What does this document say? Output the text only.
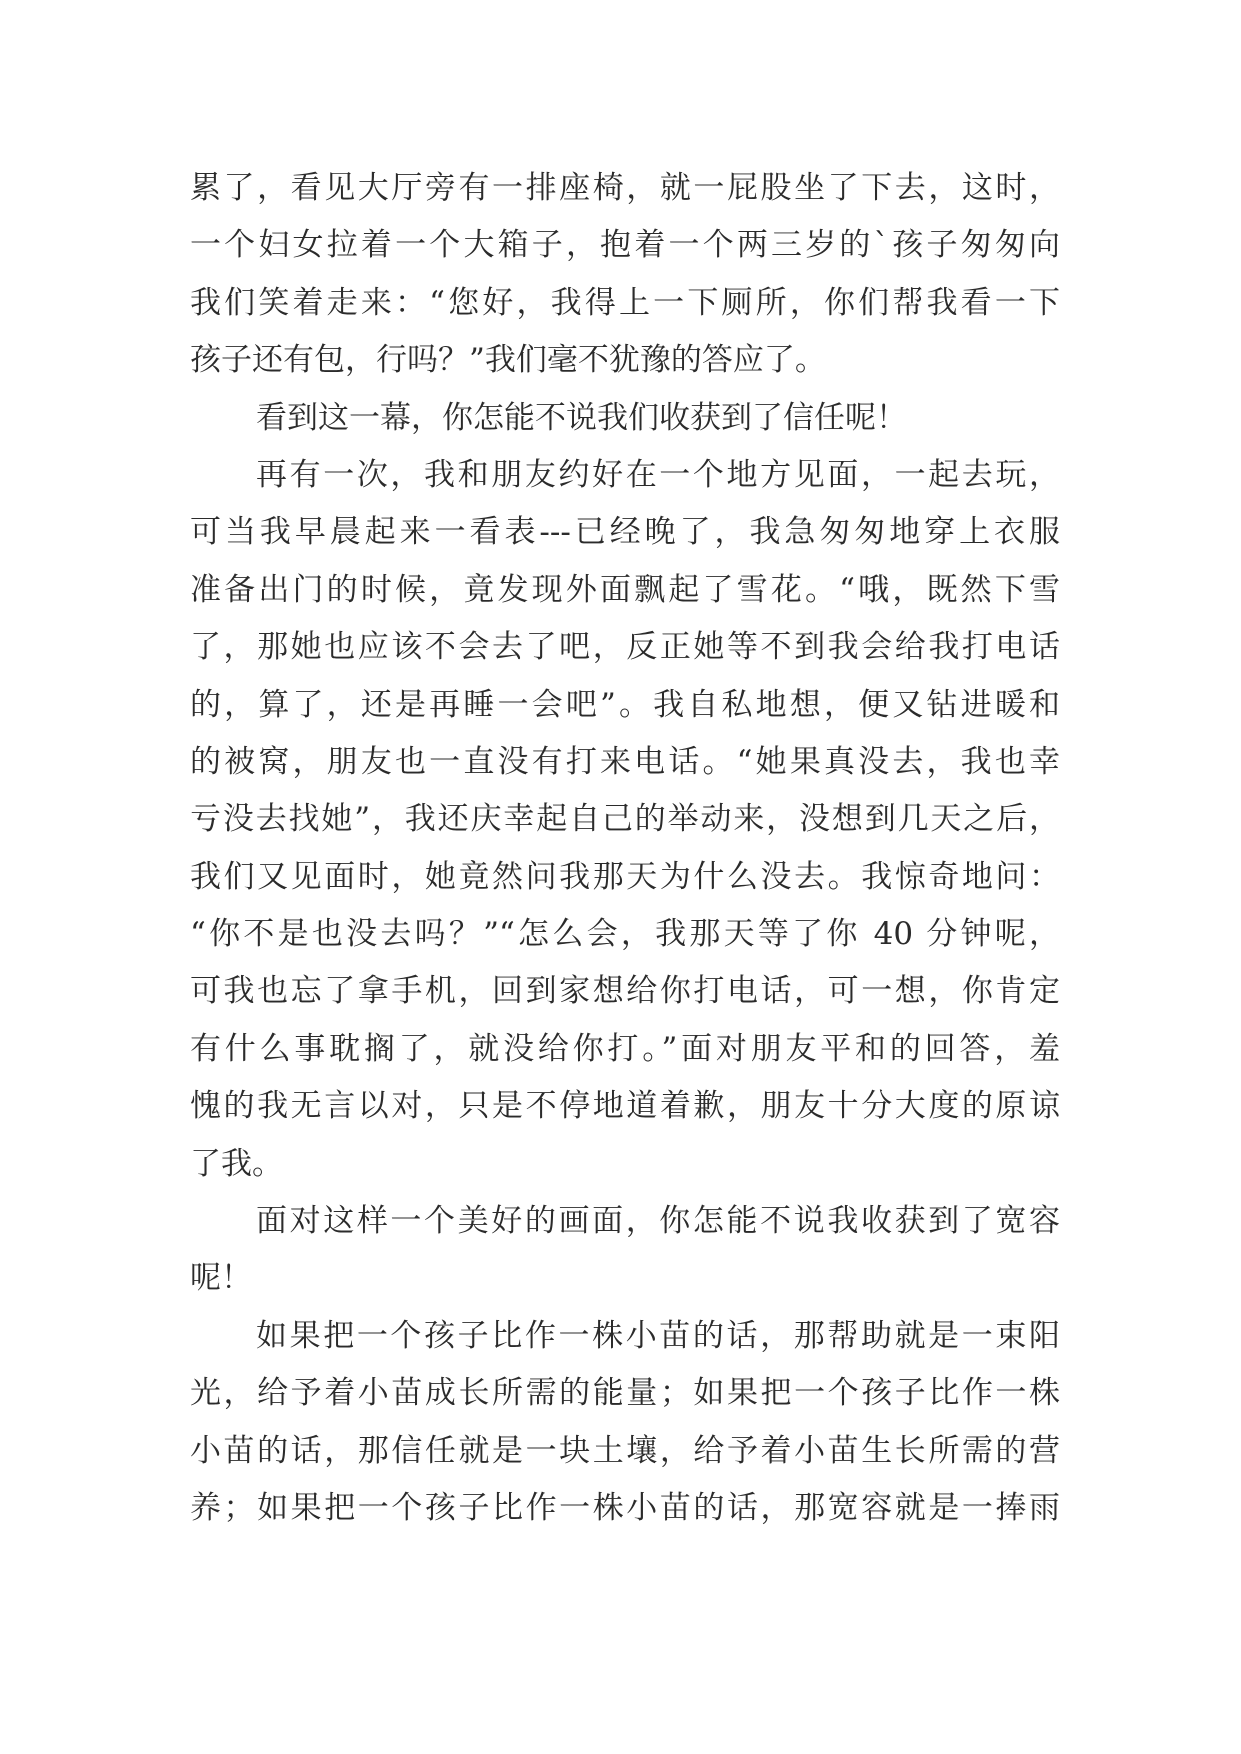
累了，看见大厅旁有一排座椅，就一屁股坐了下去，这时，
一个妇女拉着一个大箱子，抱着一个两三岁的`孩子匆匆向
我们笑着走来：“您好，我得上一下厕所，你们帮我看一下
孩子还有包，行吗？”我们毫不犹豫的答应了。
看到这一幕，你怎能不说我们收获到了信任呢！
再有一次，我和朋友约好在一个地方见面，一起去玩，
可当我早晨起来一看表---已经晚了，我急匆匆地穿上衣服
准备出门的时候，竟发现外面飘起了雪花。“哦，既然下雪
了，那她也应该不会去了吧，反正她等不到我会给我打电话
的，算了，还是再睡一会吧”。我自私地想，便又钻进暖和
的被窝，朋友也一直没有打来电话。“她果真没去，我也幸
亏没去找她”，我还庆幸起自己的举动来，没想到几天之后，
我们又见面时，她竟然问我那天为什么没去。我惊奇地问：
“你不是也没去吗？”“怎么会，我那天等了你 40 分钟呢，
可我也忘了拿手机，回到家想给你打电话，可一想，你肯定
有什么事耽搁了，就没给你打。”面对朋友平和的回答，羞
愧的我无言以对，只是不停地道着歉，朋友十分大度的原谅
了我。
面对这样一个美好的画面，你怎能不说我收获到了宽容
呢！
如果把一个孩子比作一株小苗的话，那帮助就是一束阳
光，给予着小苗成长所需的能量；如果把一个孩子比作一株
小苗的话，那信任就是一块土壤，给予着小苗生长所需的营
养；如果把一个孩子比作一株小苗的话，那宽容就是一捧雨
